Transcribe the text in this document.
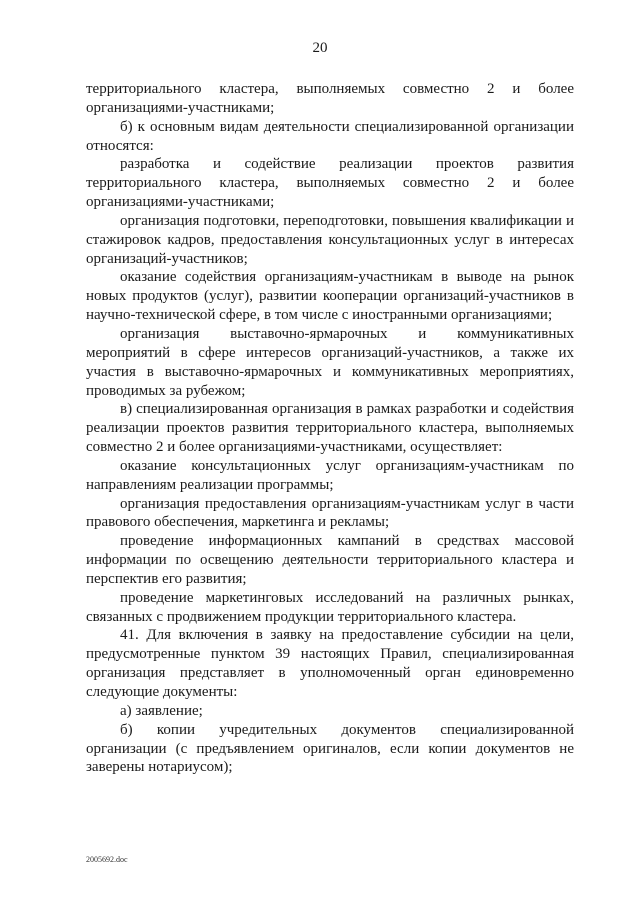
20

территориального кластера, выполняемых совместно 2 и более организациями-участниками;

б) к основным видам деятельности специализированной организации относятся:

разработка и содействие реализации проектов развития территориального кластера, выполняемых совместно 2 и более организациями-участниками;

организация подготовки, переподготовки, повышения квалификации и стажировок кадров, предоставления консультационных услуг в интересах организаций-участников;

оказание содействия организациям-участникам в выводе на рынок новых продуктов (услуг), развитии кооперации организаций-участников в научно-технической сфере, в том числе с иностранными организациями;

организация выставочно-ярмарочных и коммуникативных мероприятий в сфере интересов организаций-участников, а также их участия в выставочно-ярмарочных и коммуникативных мероприятиях, проводимых за рубежом;

в) специализированная организация в рамках разработки и содействия реализации проектов развития территориального кластера, выполняемых совместно 2 и более организациями-участниками, осуществляет:

оказание консультационных услуг организациям-участникам по направлениям реализации программы;

организация предоставления организациям-участникам услуг в части правового обеспечения, маркетинга и рекламы;

проведение информационных кампаний в средствах массовой информации по освещению деятельности территориального кластера и перспектив его развития;

проведение маркетинговых исследований на различных рынках, связанных с продвижением продукции территориального кластера.

41. Для включения в заявку на предоставление субсидии на цели, предусмотренные пунктом 39 настоящих Правил, специализированная организация представляет в уполномоченный орган единовременно следующие документы:

а) заявление;

б) копии учредительных документов специализированной организации (с предъявлением оригиналов, если копии документов не заверены нотариусом);

2005692.doc
